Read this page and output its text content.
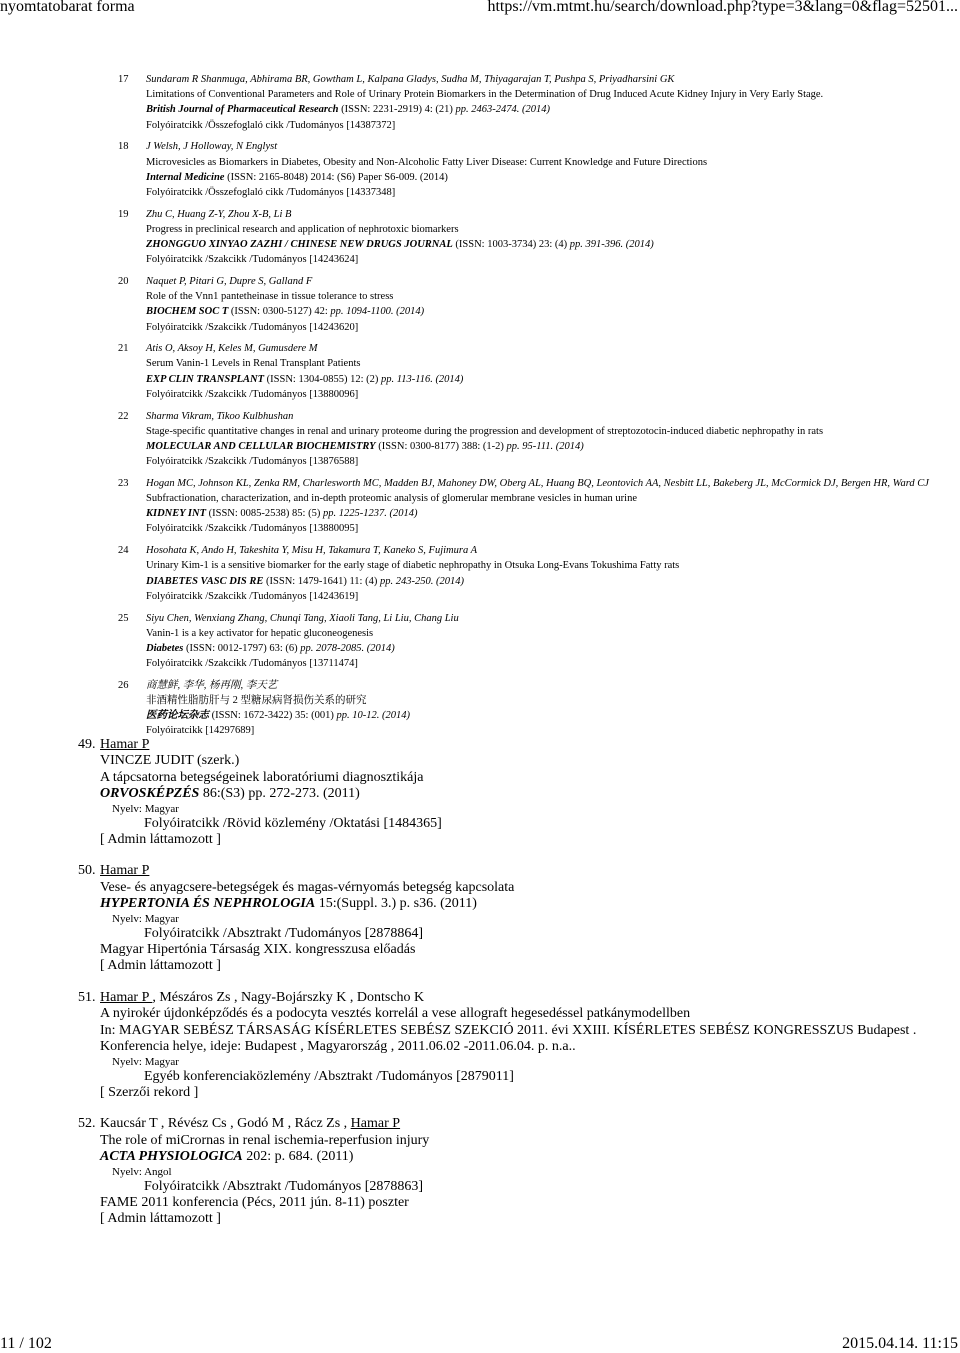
nyomtatobarat forma	https://vm.mtmt.hu/search/download.php?type=3&lang=0&flag=52501...
17 Sundaram R Shanmuga, Abhirama BR, Gowtham L, Kalpana Gladys, Sudha M, Thiyagarajan T, Pushpa S, Priyadharsini GK
Limitations of Conventional Parameters and Role of Urinary Protein Biomarkers in the Determination of Drug Induced Acute Kidney Injury in Very Early Stage.
British Journal of Pharmaceutical Research (ISSN: 2231-2919) 4: (21) pp. 2463-2474. (2014)
Folyóiratcikk /Összefoglaló cikk /Tudományos [14387372]
18 J Welsh, J Holloway, N Englyst
Microvesicles as Biomarkers in Diabetes, Obesity and Non-Alcoholic Fatty Liver Disease: Current Knowledge and Future Directions
Internal Medicine (ISSN: 2165-8048) 2014: (S6) Paper S6-009. (2014)
Folyóiratcikk /Összefoglaló cikk /Tudományos [14337348]
19 Zhu C, Huang Z-Y, Zhou X-B, Li B
Progress in preclinical research and application of nephrotoxic biomarkers
ZHONGGUO XINYAO ZAZHI / CHINESE NEW DRUGS JOURNAL (ISSN: 1003-3734) 23: (4) pp. 391-396. (2014)
Folyóiratcikk /Szakcikk /Tudományos [14243624]
20 Naquet P, Pitari G, Dupre S, Galland F
Role of the Vnn1 pantetheinase in tissue tolerance to stress
BIOCHEM SOC T (ISSN: 0300-5127) 42: pp. 1094-1100. (2014)
Folyóiratcikk /Szakcikk /Tudományos [14243620]
21 Atis O, Aksoy H, Keles M, Gumusdere M
Serum Vanin-1 Levels in Renal Transplant Patients
EXP CLIN TRANSPLANT (ISSN: 1304-0855) 12: (2) pp. 113-116. (2014)
Folyóiratcikk /Szakcikk /Tudományos [13880096]
22 Sharma Vikram, Tikoo Kulbhushan
Stage-specific quantitative changes in renal and urinary proteome during the progression and development of streptozotocin-induced diabetic nephropathy in rats
MOLECULAR AND CELLULAR BIOCHEMISTRY (ISSN: 0300-8177) 388: (1-2) pp. 95-111. (2014)
Folyóiratcikk /Szakcikk /Tudományos [13876588]
23 Hogan MC, Johnson KL, Zenka RM, Charlesworth MC, Madden BJ, Mahoney DW, Oberg AL, Huang BQ, Leontovich AA, Nesbitt LL, Bakeberg JL, McCormick DJ, Bergen HR, Ward CJ
Subfractionation, characterization, and in-depth proteomic analysis of glomerular membrane vesicles in human urine
KIDNEY INT (ISSN: 0085-2538) 85: (5) pp. 1225-1237. (2014)
Folyóiratcikk /Szakcikk /Tudományos [13880095]
24 Hosohata K, Ando H, Takeshita Y, Misu H, Takamura T, Kaneko S, Fujimura A
Urinary Kim-1 is a sensitive biomarker for the early stage of diabetic nephropathy in Otsuka Long-Evans Tokushima Fatty rats
DIABETES VASC DIS RE (ISSN: 1479-1641) 11: (4) pp. 243-250. (2014)
Folyóiratcikk /Szakcikk /Tudományos [14243619]
25 Siyu Chen, Wenxiang Zhang, Chunqi Tang, Xiaoli Tang, Li Liu, Chang Liu
Vanin-1 is a key activator for hepatic gluconeogenesis
Diabetes (ISSN: 0012-1797) 63: (6) pp. 2078-2085. (2014)
Folyóiratcikk /Szakcikk /Tudományos [13711474]
26 商慧鲜, 李华, 杨再刚, 李天艺
非酒精性脂肪肝与 2 型糖尿病肾损伤关系的研究
医药论坛杂志 (ISSN: 1672-3422) 35: (001) pp. 10-12. (2014)
Folyóiratcikk [14297689]
49. Hamar P
VINCZE JUDIT (szerk.)
A tápcsatorna betegségeinek laboratóriumi diagnosztikája
ORVOSKÉPZÉS 86:(S3) pp. 272-273. (2011)
Nyelv: Magyar
Folyóiratcikk /Rövid közlemény /Oktatási [1484365]
[ Admin láttamozott ]
50. Hamar P
Vese- és anyagcsere-betegségek és magas-vérnyomás betegség kapcsolata
HYPERTONIA ÉS NEPHROLOGIA 15:(Suppl. 3.) p. s36. (2011)
Nyelv: Magyar
Folyóiratcikk /Absztrakt /Tudományos [2878864]
Magyar Hipertónia Társaság XIX. kongresszusa előadás
[ Admin láttamozott ]
51. Hamar P , Mészáros Zs , Nagy-Bojárszky K , Dontscho K
A nyirokér újdonképződés és a podocyta vesztés korrelál a vese allograft hegesedéssel patkánymodellben
In: MAGYAR SEBÉSZ TÁRSASÁG KÍSÉRLETES SEBÉSZ SZEKCIÓ 2011. évi XXIII. KÍSÉRLETES SEBÉSZ KONGRESSZUS Budapest . Konferencia helye, ideje: Budapest , Magyarország , 2011.06.02 -2011.06.04. p. n.a..
Nyelv: Magyar
Egyéb konferenciaközlemény /Absztrakt /Tudományos [2879011]
[ Szerzői rekord ]
52. Kaucsár T , Révész Cs , Godó M , Rácz Zs , Hamar P
The role of miCrornas in renal ischemia-reperfusion injury
ACTA PHYSIOLOGICA 202: p. 684. (2011)
Nyelv: Angol
Folyóiratcikk /Absztrakt /Tudományos [2878863]
FAME 2011 konferencia (Pécs, 2011 jún. 8-11) poszter
[ Admin láttamozott ]
11 / 102	2015.04.14. 11:15
